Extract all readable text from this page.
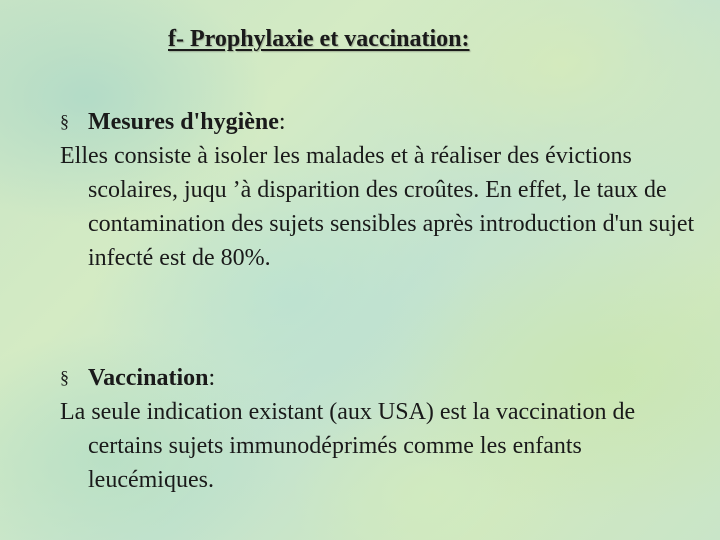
f- Prophylaxie et vaccination:
§ Mesures d'hygiène:

Elles consiste à isoler les malades et à réaliser des évictions scolaires, juqu ’à disparition des croûtes. En effet, le taux de contamination des sujets sensibles après introduction d'un sujet infecté est de 80%.

§ Vaccination:

La seule indication existant (aux USA) est la vaccination de certains sujets immunodéprimés comme les enfants leucémiques.
